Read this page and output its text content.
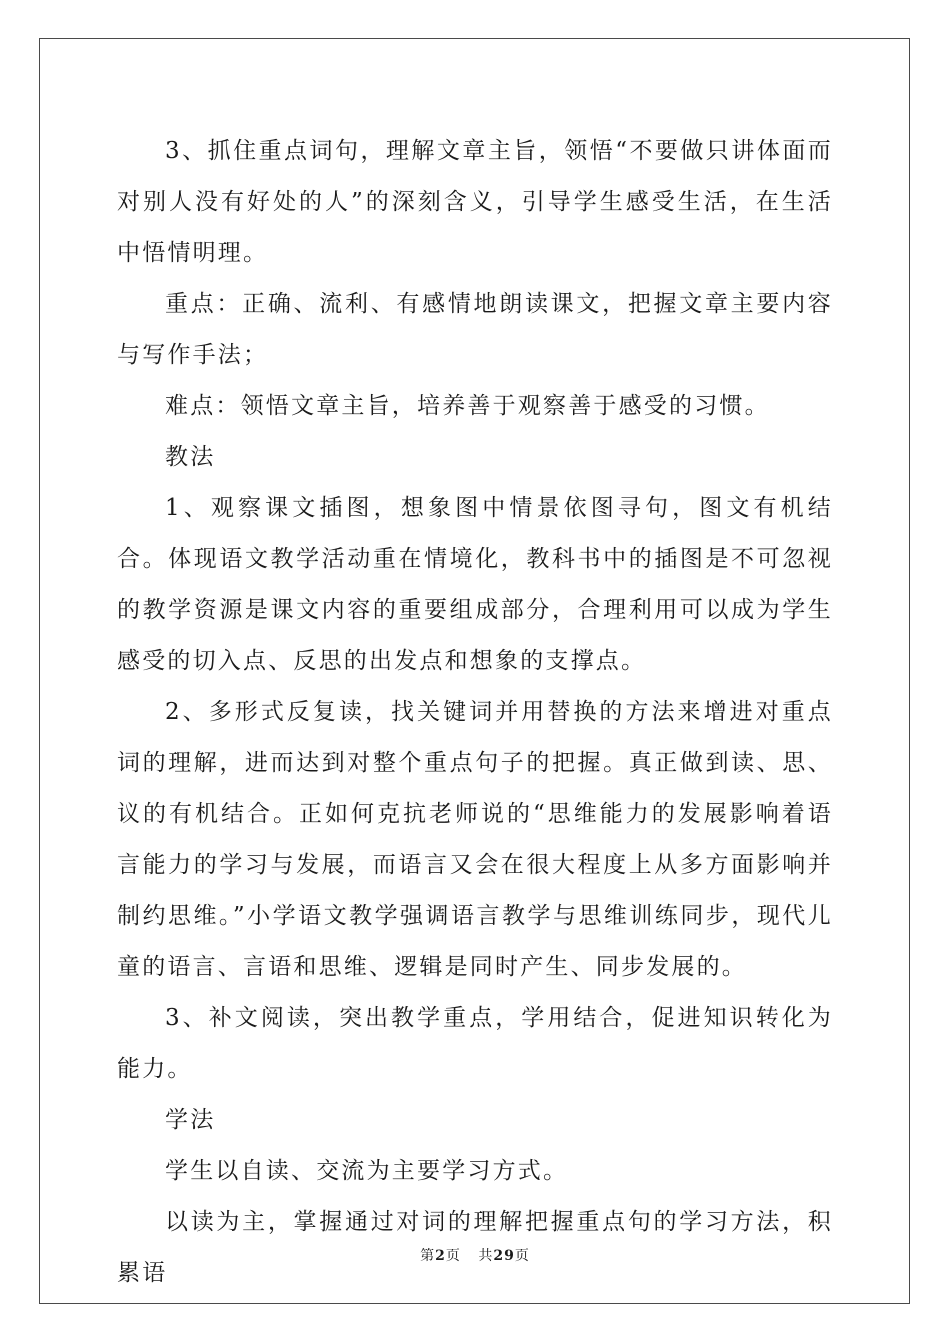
3、抓住重点词句，理解文章主旨，领悟“不要做只讲体面而对别人没有好处的人”的深刻含义，引导学生感受生活，在生活中悟情明理。

重点：正确、流利、有感情地朗读课文，把握文章主要内容与写作手法；

难点：领悟文章主旨，培养善于观察善于感受的习惯。

教法

1、观察课文插图，想象图中情景依图寻句，图文有机结合。体现语文教学活动重在情境化，教科书中的插图是不可忽视的教学资源是课文内容的重要组成部分，合理利用可以成为学生感受的切入点、反思的出发点和想象的支撑点。

2、多形式反复读，找关键词并用替换的方法来增进对重点词的理解，进而达到对整个重点句子的把握。真正做到读、思、议的有机结合。正如何克抗老师说的“思维能力的发展影响着语言能力的学习与发展，而语言又会在很大程度上从多方面影响并制约思维。”小学语文教学强调语言教学与思维训练同步，现代儿童的语言、言语和思维、逻辑是同时产生、同步发展的。

3、补文阅读，突出教学重点，学用结合，促进知识转化为能力。

学法

学生以自读、交流为主要学习方式。

以读为主，掌握通过对词的理解把握重点句的学习方法，积累语

第2页 共29页
